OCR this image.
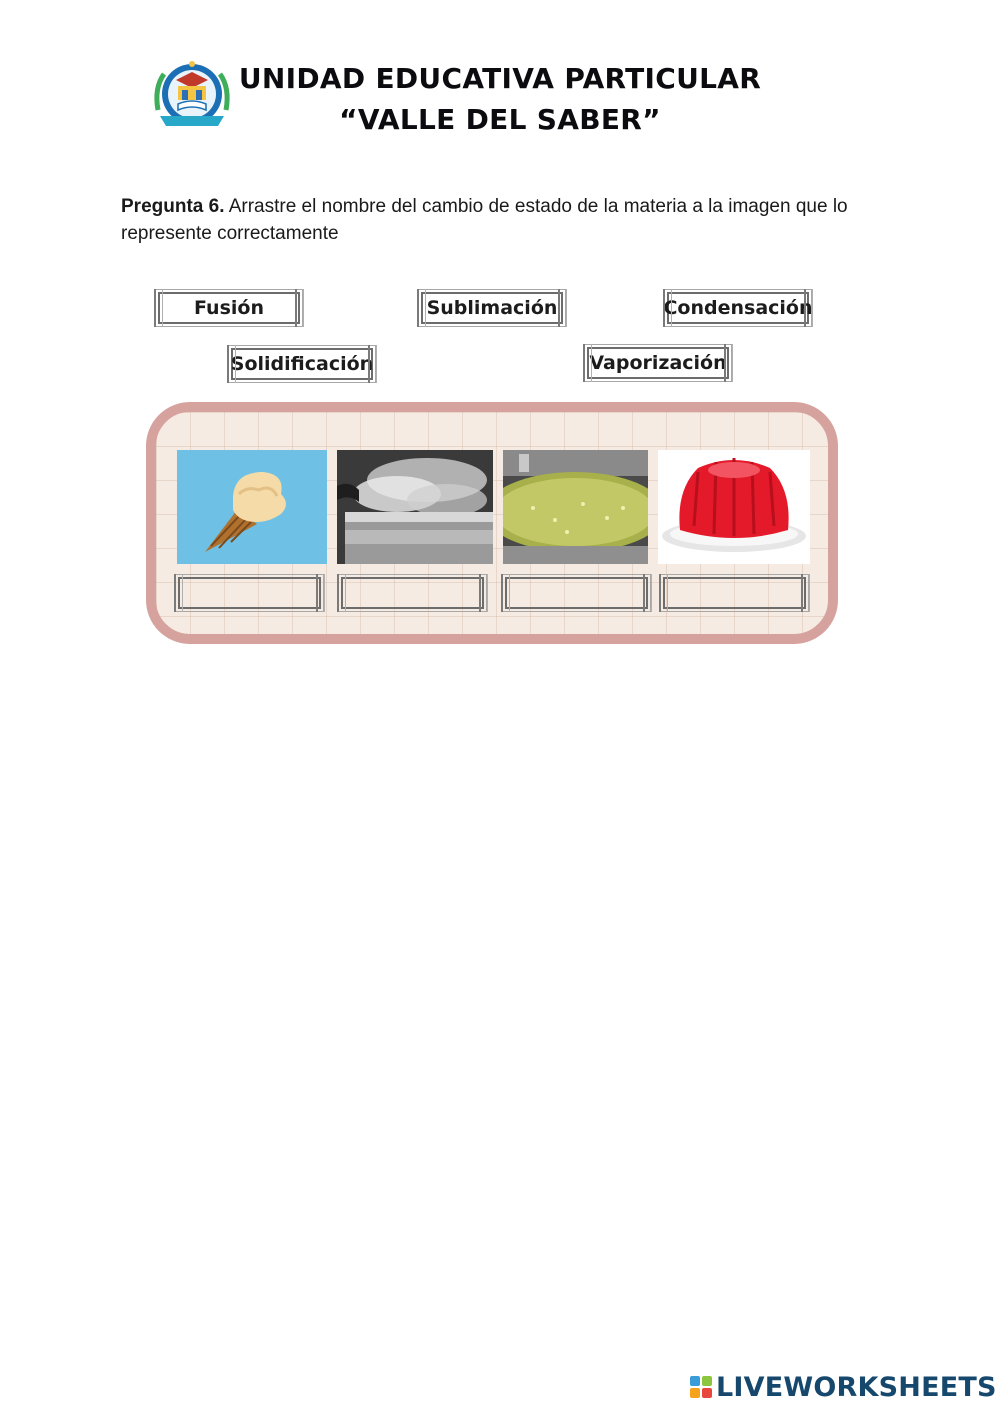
UNIDAD EDUCATIVA PARTICULAR
“VALLE DEL SABER”
Pregunta 6. Arrastre el nombre del cambio de estado de la materia a la imagen que lo represente correctamente
Fusión	Sublimación	Condensación
Solidificación	Vaporización
LIVEWORKSHEETS
